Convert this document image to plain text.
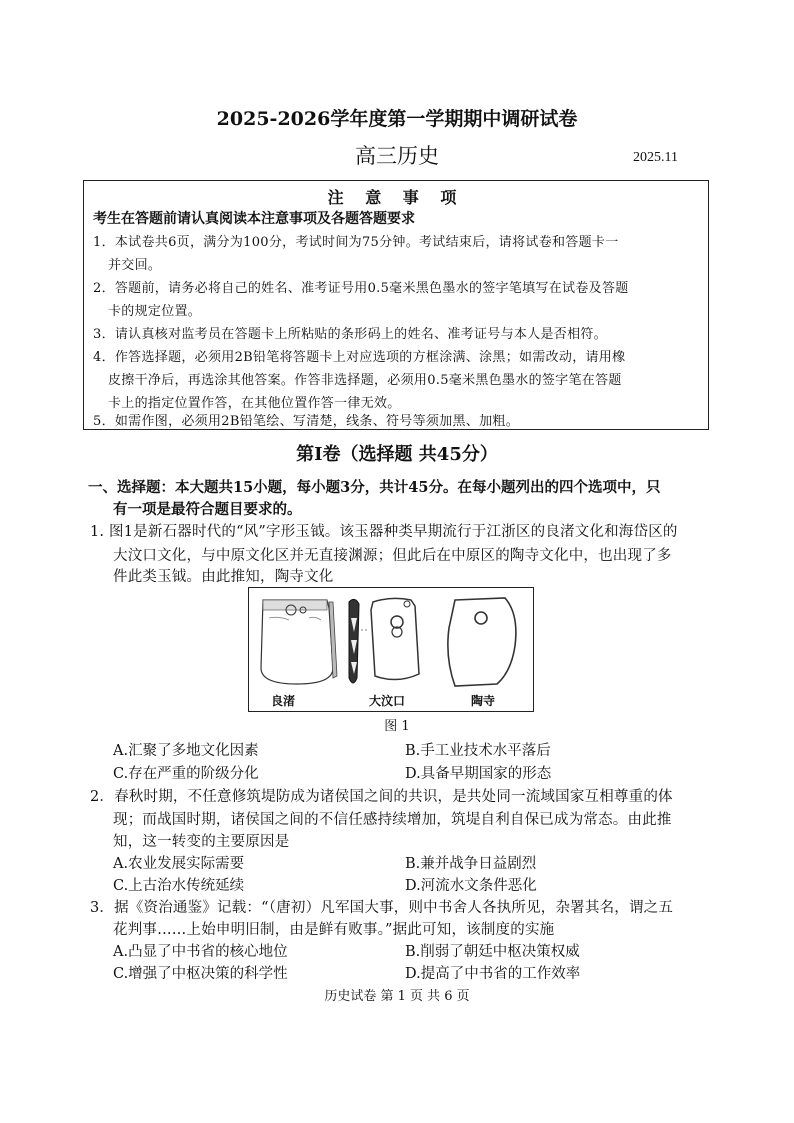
2025-2026学年度第一学期期中调研试卷
高三历史	2025.11
注 意 事 项
考生在答题前请认真阅读本注意事项及各题答题要求
1．本试卷共6页，满分为100分，考试时间为75分钟。考试结束后，请将试卷和答题卡一
并交回。
2．答题前，请务必将自己的姓名、准考证号用0.5毫米黑色墨水的签字笔填写在试卷及答题
卡的规定位置。
3．请认真核对监考员在答题卡上所粘贴的条形码上的姓名、准考证号与本人是否相符。
4．作答选择题，必须用2B铅笔将答题卡上对应选项的方框涂满、涂黑；如需改动，请用橡
皮擦干净后，再选涂其他答案。作答非选择题，必须用0.5毫米黑色墨水的签字笔在答题
卡上的指定位置作答，在其他位置作答一律无效。
5．如需作图，必须用2B铅笔绘、写清楚，线条、符号等须加黑、加粗。
第I卷（选择题 共45分）
一、选择题：本大题共15小题，每小题3分，共计45分。在每小题列出的四个选项中，只
有一项是最符合题目要求的。
1. 图1是新石器时代的“风”字形玉钺。该玉器种类早期流行于江浙区的良渚文化和海岱区的
大汶口文化，与中原文化区并无直接渊源；但此后在中原区的陶寺文化中，也出现了多
件此类玉钺。由此推知，陶寺文化
良渚	大汶口	陶寺
图 1
A.汇聚了多地文化因素	B.手工业技术水平落后
C.存在严重的阶级分化	D.具备早期国家的形态
2．春秋时期，不任意修筑堤防成为诸侯国之间的共识，是共处同一流域国家互相尊重的体
现；而战国时期，诸侯国之间的不信任感持续增加，筑堤自利自保已成为常态。由此推
知，这一转变的主要原因是
A.农业发展实际需要	B.兼并战争日益剧烈
C.上古治水传统延续	D.河流水文条件恶化
3．据《资治通鉴》记载：“（唐初）凡军国大事，则中书舍人各执所见，杂署其名，谓之五
花判事……上始申明旧制，由是鲜有败事。”据此可知，该制度的实施
A.凸显了中书省的核心地位	B.削弱了朝廷中枢决策权威
C.增强了中枢决策的科学性	D.提高了中书省的工作效率
历史试卷 第 1 页 共 6 页
